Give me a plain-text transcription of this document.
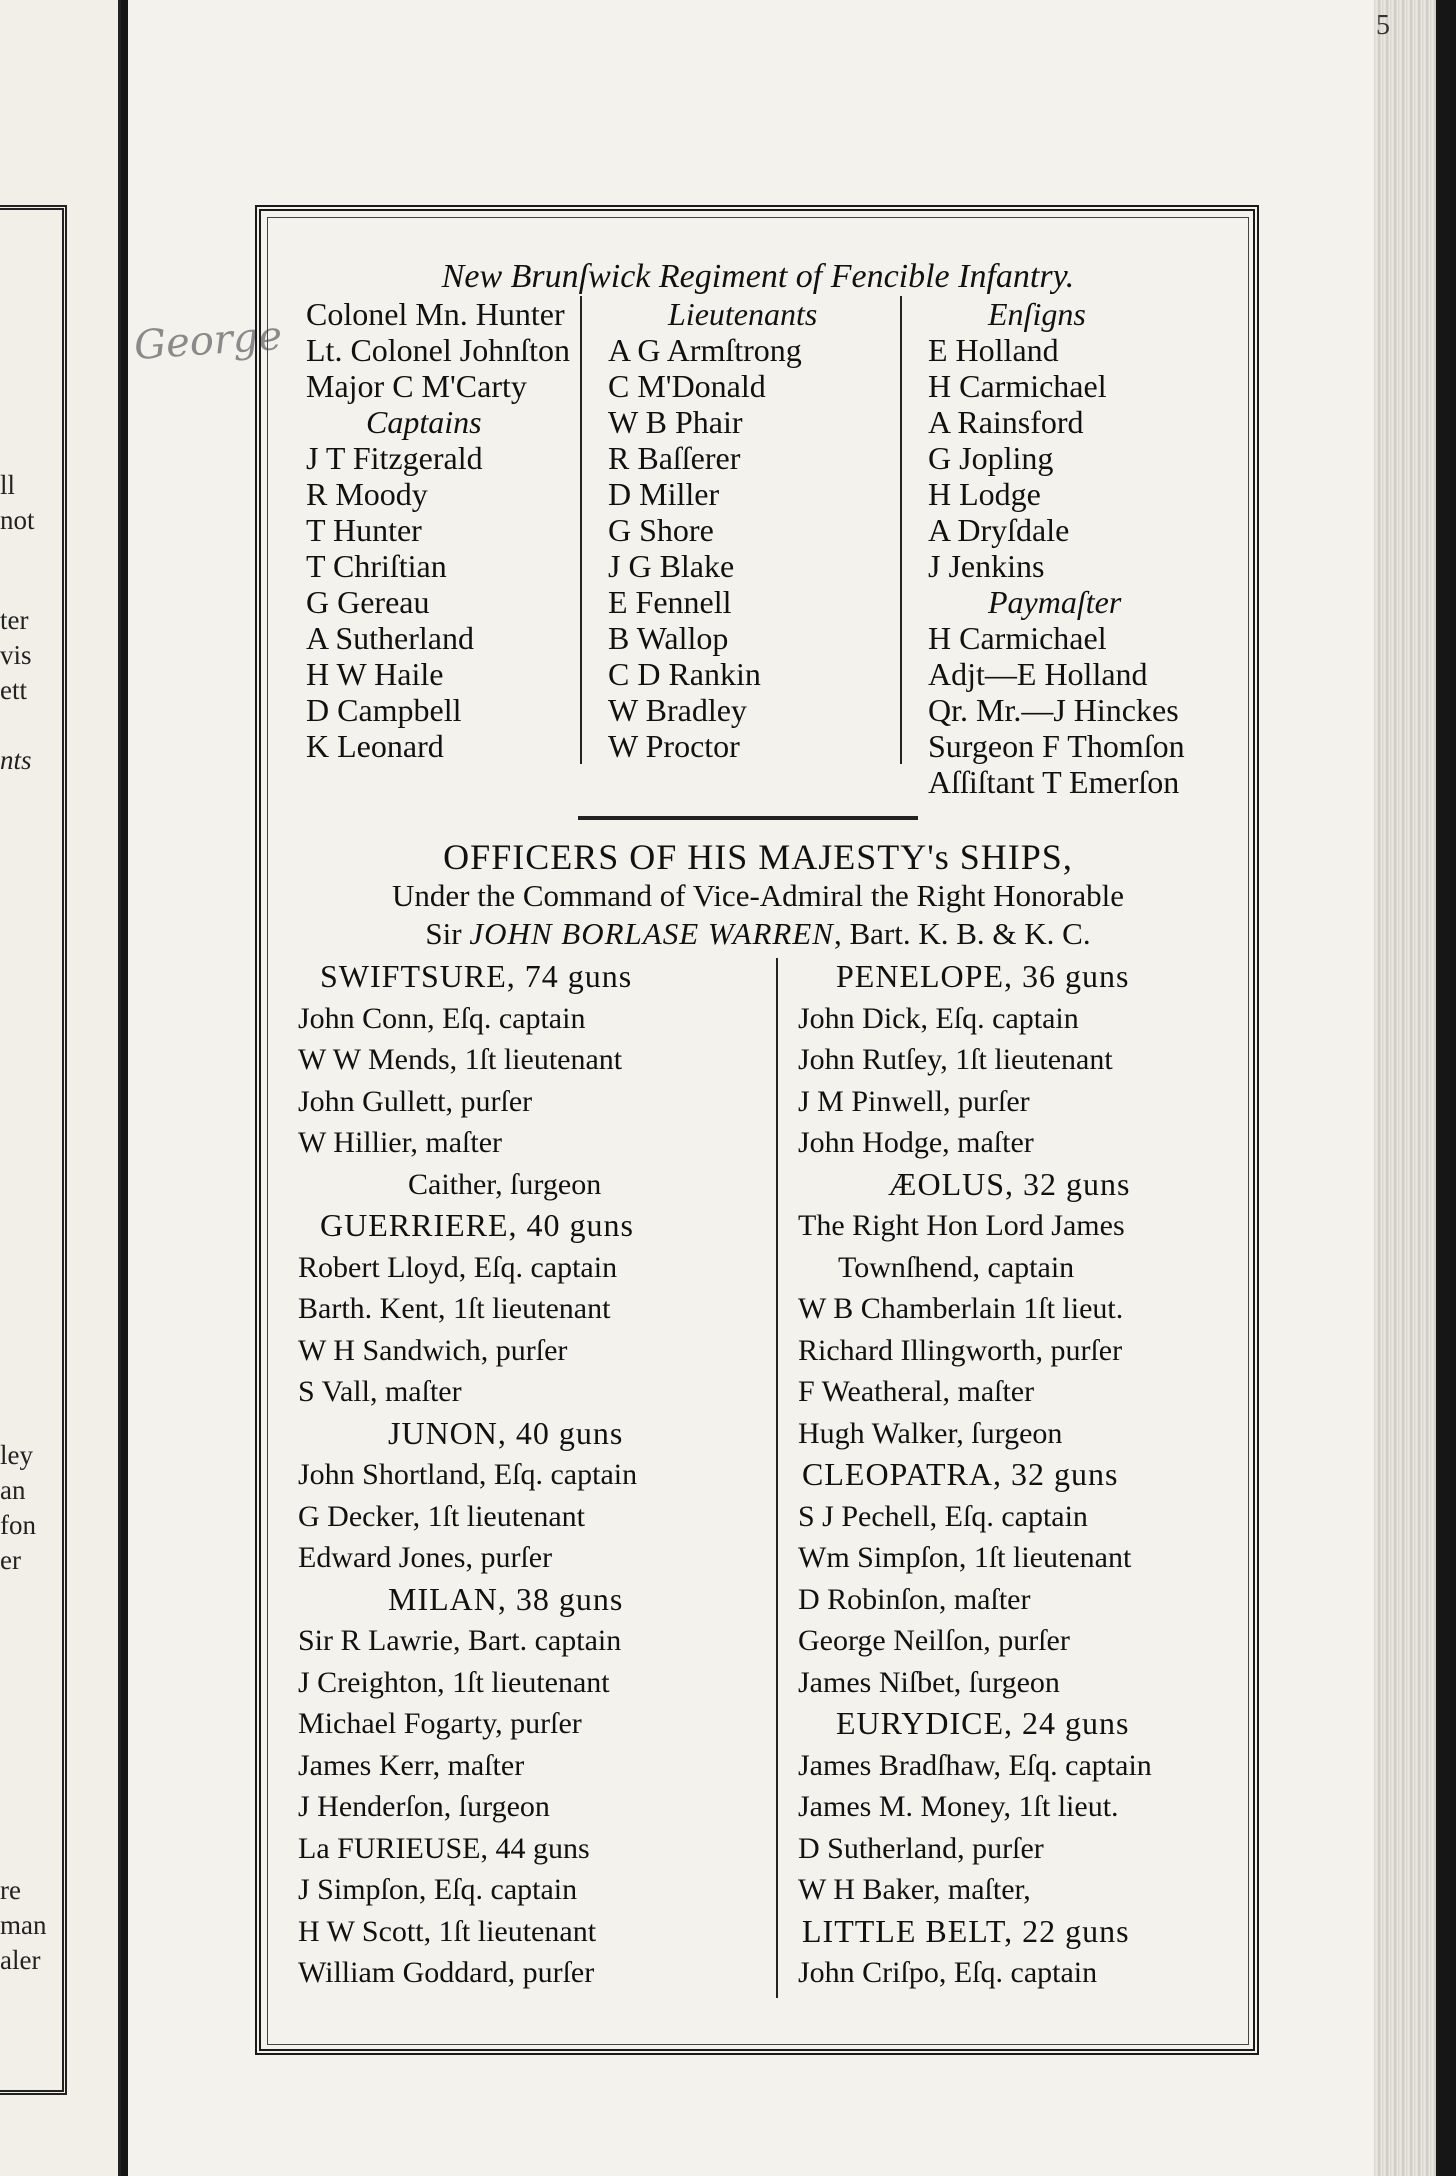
ll
not
ter
vis
ett
nts
ley
an
fon
er
re
man
aler
5
George
New Brunſwick Regiment of Fencible Infantry.
Colonel Mn. Hunter
Lt. Colonel Johnſton
Major C M'Carty
Captains
J T Fitzgerald
R Moody
T Hunter
T Chriſtian
G Gereau
A Sutherland
H W Haile
D Campbell
K Leonard
Lieutenants
A G Armſtrong
C M'Donald
W B Phair
R Baſſerer
D Miller
G Shore
J G Blake
E Fennell
B Wallop
C D Rankin
W Bradley
W Proctor
Enſigns
E Holland
H Carmichael
A Rainsford
G Jopling
H Lodge
A Dryſdale
J Jenkins
Paymaſter
H Carmichael
Adjt—E Holland
Qr. Mr.—J Hinckes
Surgeon F Thomſon
Aſſiſtant T Emerſon
OFFICERS OF HIS MAJESTY's SHIPS,
Under the Command of Vice-Admiral the Right Honorable
Sir JOHN BORLASE WARREN, Bart. K. B. & K. C.
SWIFTSURE, 74 guns
John Conn, Eſq. captain
W W Mends, 1ſt lieutenant
John Gullett, purſer
W Hillier, maſter
Caither, ſurgeon
GUERRIERE, 40 guns
Robert Lloyd, Eſq. captain
Barth. Kent, 1ſt lieutenant
W H Sandwich, purſer
S Vall, maſter
JUNON, 40 guns
John Shortland, Eſq. captain
G Decker, 1ſt lieutenant
Edward Jones, purſer
MILAN, 38 guns
Sir R Lawrie, Bart. captain
J Creighton, 1ſt lieutenant
Michael Fogarty, purſer
James Kerr, maſter
J Henderſon, ſurgeon
La FURIEUSE, 44 guns
J Simpſon, Eſq. captain
H W Scott, 1ſt lieutenant
William Goddard, purſer
PENELOPE, 36 guns
John Dick, Eſq. captain
John Rutſey, 1ſt lieutenant
J M Pinwell, purſer
John Hodge, maſter
ÆOLUS, 32 guns
The Right Hon Lord James
Townſhend, captain
W B Chamberlain 1ſt lieut.
Richard Illingworth, purſer
F Weatheral, maſter
Hugh Walker, ſurgeon
CLEOPATRA, 32 guns
S J Pechell, Eſq. captain
Wm Simpſon, 1ſt lieutenant
D Robinſon, maſter
George Neilſon, purſer
James Niſbet, ſurgeon
EURYDICE, 24 guns
James Bradſhaw, Eſq. captain
James M. Money, 1ſt lieut.
D Sutherland, purſer
W H Baker, maſter,
LITTLE BELT, 22 guns
John Criſpo, Eſq. captain
